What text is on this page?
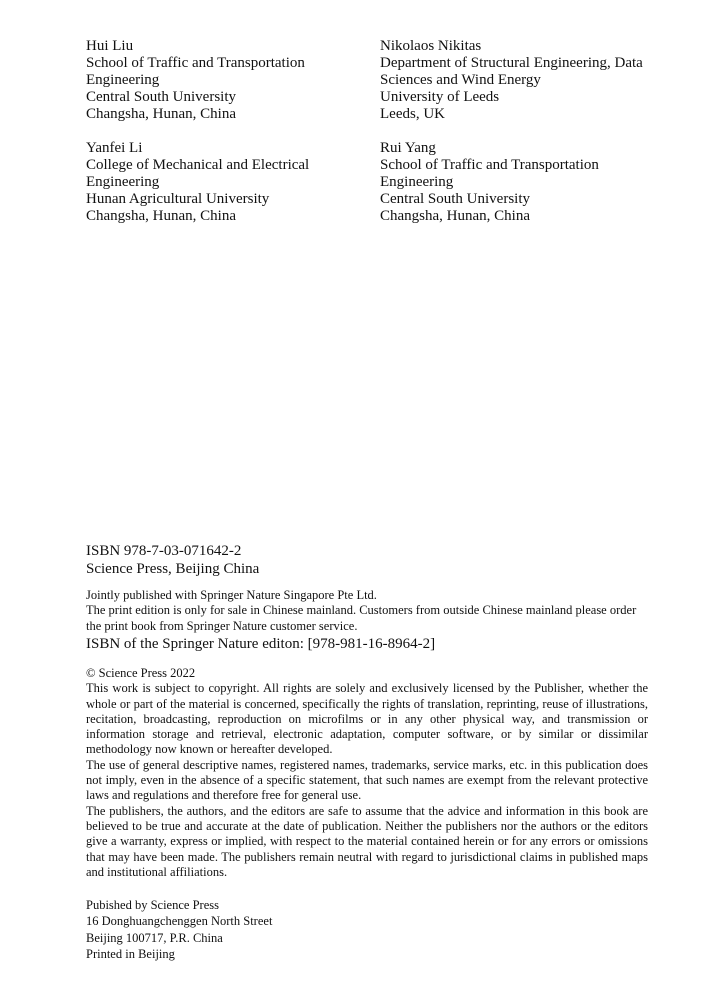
Hui Liu
School of Traffic and Transportation
Engineering
Central South University
Changsha, Hunan, China
Nikolaos Nikitas
Department of Structural Engineering, Data
Sciences and Wind Energy
University of Leeds
Leeds, UK
Yanfei Li
College of Mechanical and Electrical
Engineering
Hunan Agricultural University
Changsha, Hunan, China
Rui Yang
School of Traffic and Transportation
Engineering
Central South University
Changsha, Hunan, China
ISBN 978-7-03-071642-2
Science Press, Beijing China

Jointly published with Springer Nature Singapore Pte Ltd.

The print edition is only for sale in Chinese mainland. Customers from outside Chinese mainland please order the print book from Springer Nature customer service.

ISBN of the Springer Nature editon: [978-981-16-8964-2]

© Science Press 2022

This work is subject to copyright. All rights are solely and exclusively licensed by the Publisher, whether the whole or part of the material is concerned, specifically the rights of translation, reprinting, reuse of illustrations, recitation, broadcasting, reproduction on microfilms or in any other physical way, and transmission or information storage and retrieval, electronic adaptation, computer software, or by similar or dissimilar methodology now known or hereafter developed.

The use of general descriptive names, registered names, trademarks, service marks, etc. in this publication does not imply, even in the absence of a specific statement, that such names are exempt from the relevant protective laws and regulations and therefore free for general use.

The publishers, the authors, and the editors are safe to assume that the advice and information in this book are believed to be true and accurate at the date of publication. Neither the publishers nor the authors or the editors give a warranty, express or implied, with respect to the material contained herein or for any errors or omissions that may have been made. The publishers remain neutral with regard to jurisdictional claims in published maps and institutional affiliations.

Pubished by Science Press
16 Donghuangchenggen North Street
Beijing 100717, P.R. China
Printed in Beijing
